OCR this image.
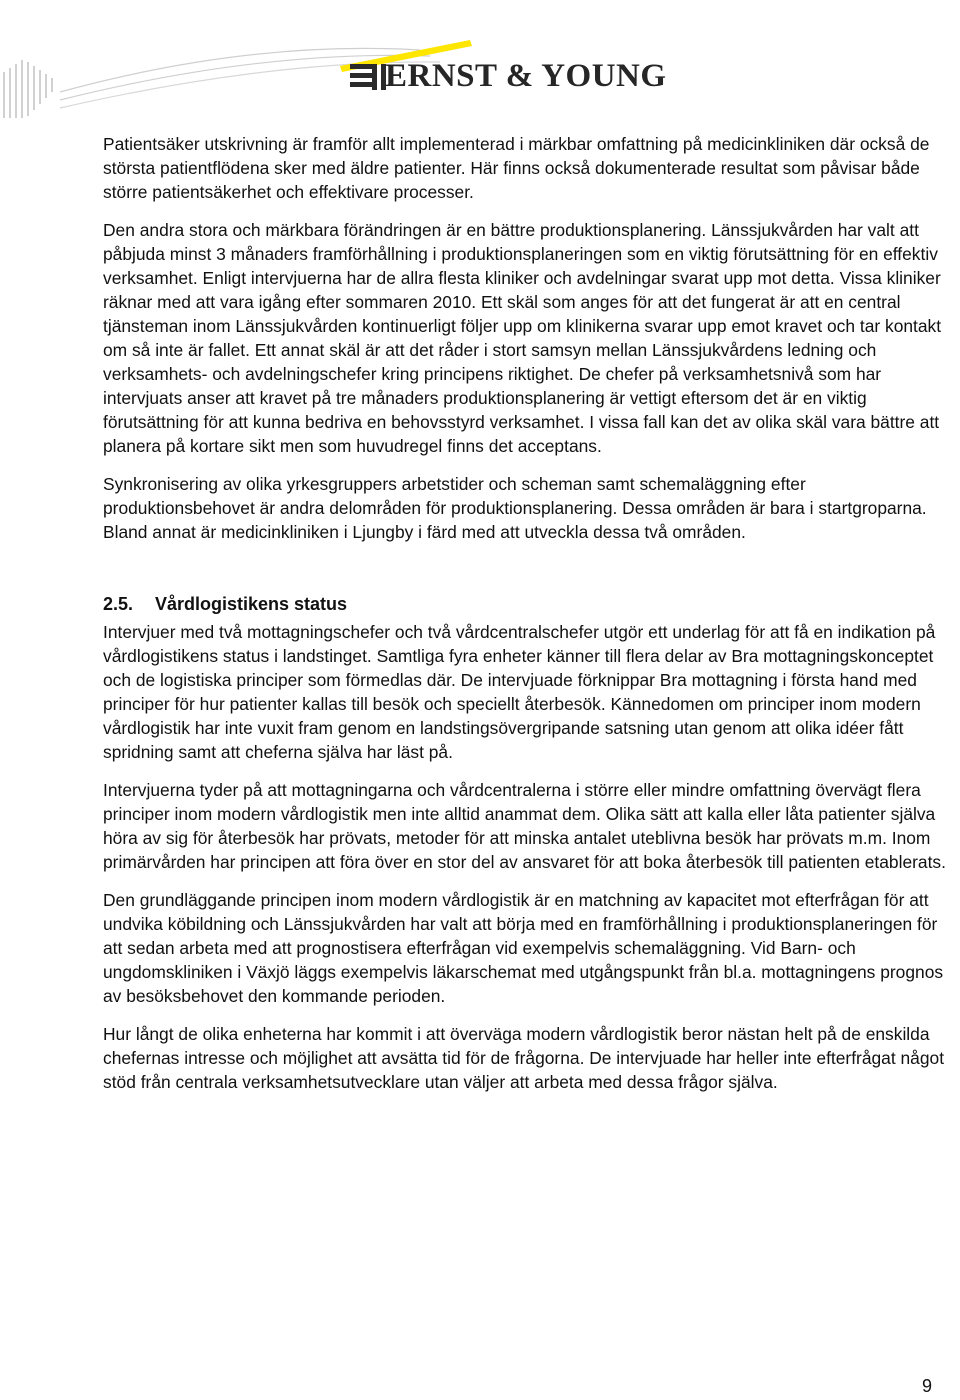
ERNST & YOUNG

Patientsäker utskrivning är framför allt implementerad i märkbar omfattning på medicinkliniken där också de största patientflödena sker med äldre patienter. Här finns också dokumenterade resultat som påvisar både större patientsäkerhet och effektivare processer.

Den andra stora och märkbara förändringen är en bättre produktionsplanering. Länssjukvården har valt att påbjuda minst 3 månaders framförhållning i produktionsplaneringen som en viktig förutsättning för en effektiv verksamhet. Enligt intervjuerna har de allra flesta kliniker och avdelningar svarat upp mot detta. Vissa kliniker räknar med att vara igång efter sommaren 2010. Ett skäl som anges för att det fungerat är att en central tjänsteman inom Länssjukvården kontinuerligt följer upp om klinikerna svarar upp emot kravet och tar kontakt om så inte är fallet. Ett annat skäl är att det råder i stort samsyn mellan Länssjukvårdens ledning och verksamhets- och avdelningschefer kring principens riktighet. De chefer på verksamhetsnivå som har intervjuats anser att kravet på tre månaders produktionsplanering är vettigt eftersom det är en viktig förutsättning för att kunna bedriva en behovsstyrd verksamhet. I vissa fall kan det av olika skäl vara bättre att planera på kortare sikt men som huvudregel finns det acceptans.

Synkronisering av olika yrkesgruppers arbetstider och scheman samt schemaläggning efter produktionsbehovet är andra delområden för produktionsplanering. Dessa områden är bara i startgroparna. Bland annat är medicinkliniken i Ljungby i färd med att utveckla dessa två områden.

2.5. Vårdlogistikens status

Intervjuer med två mottagningschefer och två vårdcentralschefer utgör ett underlag för att få en indikation på vårdlogistikens status i landstinget. Samtliga fyra enheter känner till flera delar av Bra mottagningskonceptet och de logistiska principer som förmedlas där. De intervjuade förknippar Bra mottagning i första hand med principer för hur patienter kallas till besök och speciellt återbesök. Kännedomen om principer inom modern vårdlogistik har inte vuxit fram genom en landstingsövergripande satsning utan genom att olika idéer fått spridning samt att cheferna själva har läst på.

Intervjuerna tyder på att mottagningarna och vårdcentralerna i större eller mindre omfattning övervägt flera principer inom modern vårdlogistik men inte alltid anammat dem. Olika sätt att kalla eller låta patienter själva höra av sig för återbesök har prövats, metoder för att minska antalet uteblivna besök har prövats m.m. Inom primärvården har principen att föra över en stor del av ansvaret för att boka återbesök till patienten etablerats.

Den grundläggande principen inom modern vårdlogistik är en matchning av kapacitet mot efterfrågan för att undvika köbildning och Länssjukvården har valt att börja med en framförhållning i produktionsplaneringen för att sedan arbeta med att prognostisera efterfrågan vid exempelvis schemaläggning. Vid Barn- och ungdomskliniken i Växjö läggs exempelvis läkarschemat med utgångspunkt från bl.a. mottagningens prognos av besöksbehovet den kommande perioden.

Hur långt de olika enheterna har kommit i att överväga modern vårdlogistik beror nästan helt på de enskilda chefernas intresse och möjlighet att avsätta tid för de frågorna. De intervjuade har heller inte efterfrågat något stöd från centrala verksamhetsutvecklare utan väljer att arbeta med dessa frågor själva.

9
